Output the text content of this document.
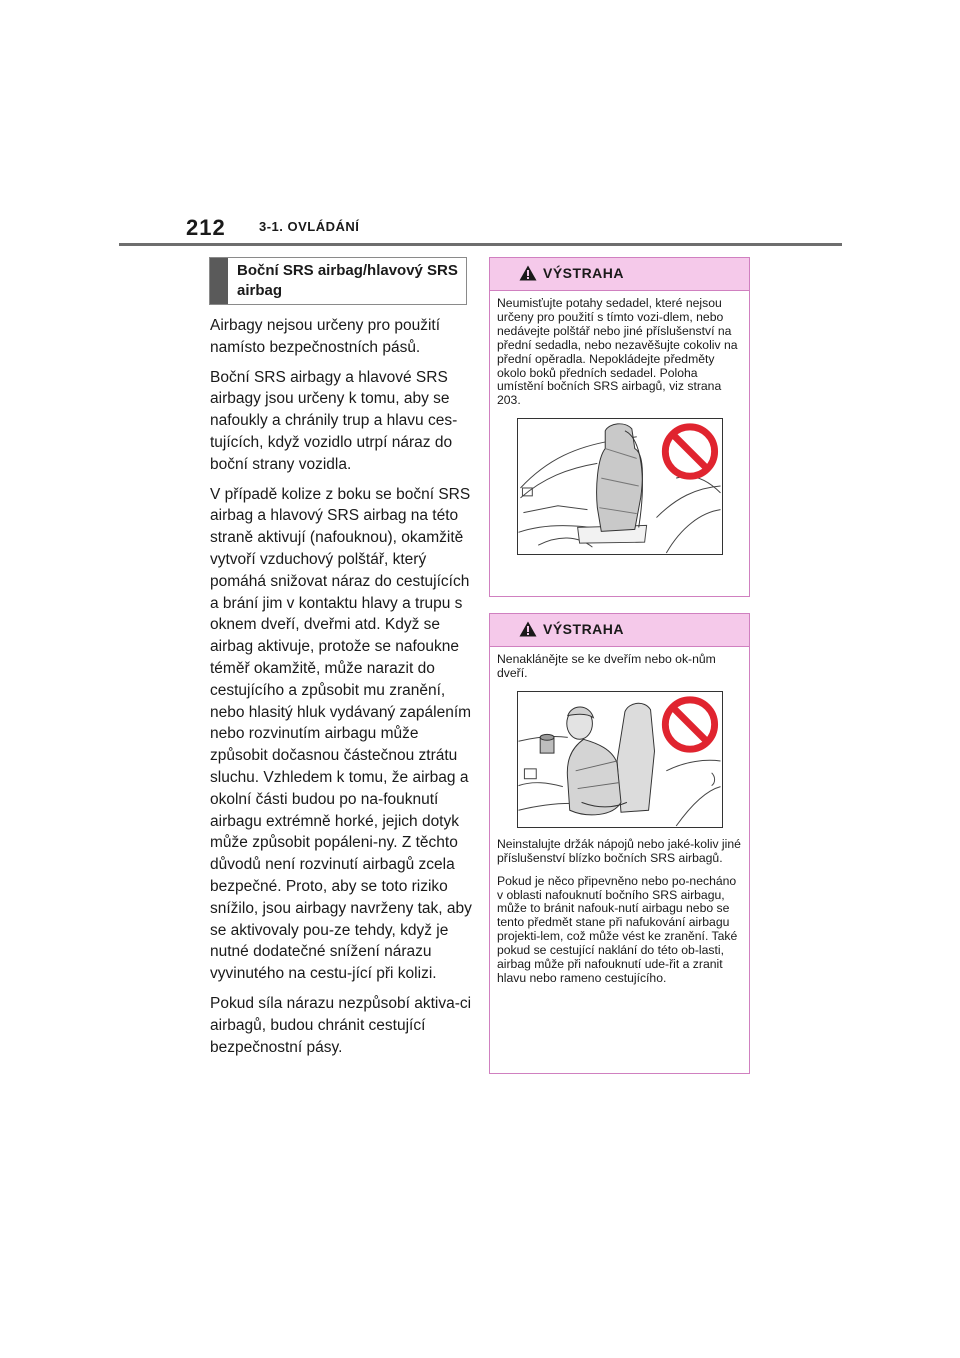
212	3-1. OVLÁDÁNÍ
Boční SRS airbag/hlavový SRS airbag

Airbagy nejsou určeny pro použití namísto bezpečnostních pásů.

Boční SRS airbagy a hlavové SRS airbagy jsou určeny k tomu, aby se nafoukly a chránily trup a hlavu ces-tujících, když vozidlo utrpí náraz do boční strany vozidla.

V případě kolize z boku se boční SRS airbag a hlavový SRS airbag na této straně aktivují (nafouknou), okamžitě vytvoří vzduchový polštář, který pomáhá snižovat náraz do cestujících a brání jim v kontaktu hlavy a trupu s oknem dveří, dveřmi atd. Když se airbag aktivuje, protože se nafoukne téměř okamžitě, může narazit do cestujícího a způsobit mu zranění, nebo hlasitý hluk vydávaný zapálením nebo rozvinutím airbagu může způsobit dočasnou částečnou ztrátu sluchu. Vzhledem k tomu, že airbag a okolní části budou po na-fouknutí airbagu extrémně horké, jejich dotyk může způsobit popáleni-ny. Z těchto důvodů není rozvinutí airbagů zcela bezpečné. Proto, aby se toto riziko snížilo, jsou airbagy navrženy tak, aby se aktivovaly pou-ze tehdy, když je nutné dodatečné snížení nárazu vyvinutého na cestu-jící při kolizi.

Pokud síla nárazu nezpůsobí aktiva-ci airbagů, budou chránit cestující bezpečnostní pásy.

VÝSTRAHA

Neumisťujte potahy sedadel, které nejsou určeny pro použití s tímto vozi-dlem, nebo nedávejte polštář nebo jiné příslušenství na přední sedadla, nebo nezavěšujte cokoliv na přední opěradla. Nepokládejte předměty okolo boků předních sedadel. Poloha umístění bočních SRS airbagů, viz strana 203.

VÝSTRAHA

Nenaklánějte se ke dveřím nebo ok-nům dveří.

Neinstalujte držák nápojů nebo jaké-koliv jiné příslušenství blízko bočních SRS airbagů.

Pokud je něco připevněno nebo po-necháno v oblasti nafouknutí bočního SRS airbagu, může to bránit nafouk-nutí airbagu nebo se tento předmět stane při nafukování airbagu projekti-lem, což může vést ke zranění. Také pokud se cestující naklání do této ob-lasti, airbag může při nafouknutí ude-řit a zranit hlavu nebo rameno cestujícího.
